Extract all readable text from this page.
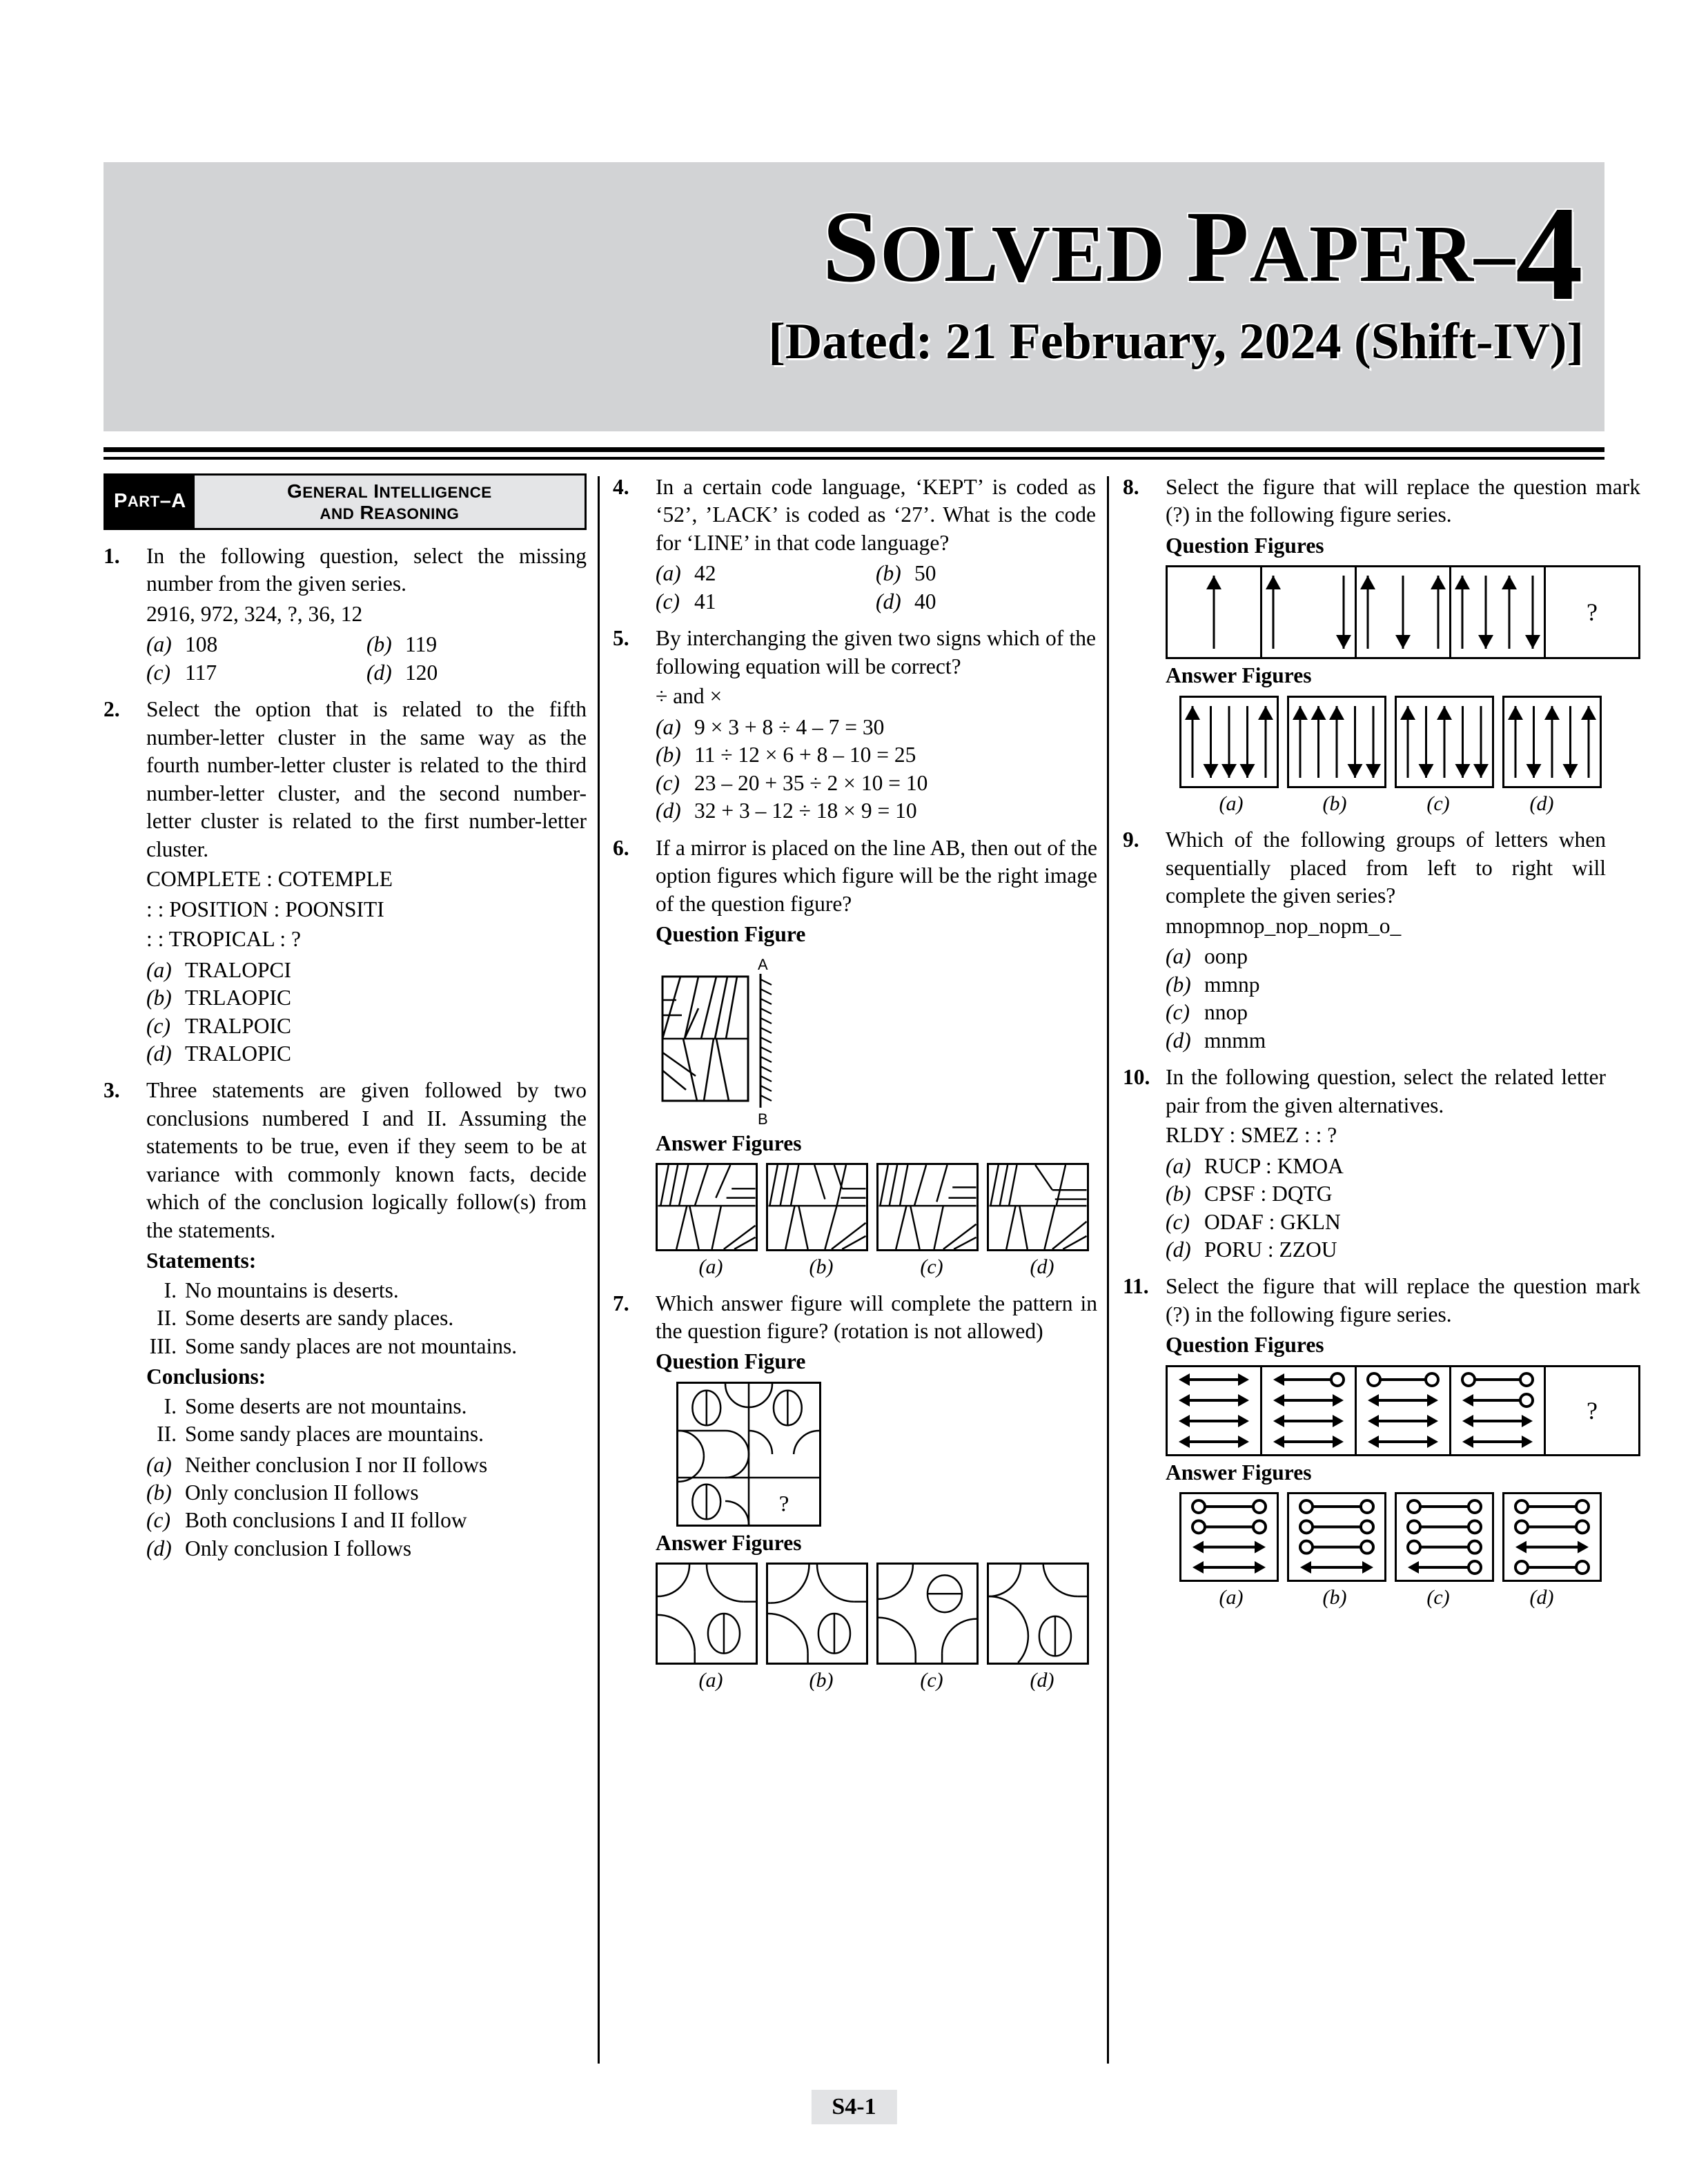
SOLVED PAPER–4
[Dated: 21 February, 2024 (Shift-IV)]
P ART –A	GENERAL INTELLIGENCE
AND REASONING
1.	In the following question, select the missing number from the given series.
2916, 972, 324, ?, 36, 12
(a) 108	(b) 119
(c) 117	(d) 120
2.	Select the option that is related to the fifth number-letter cluster in the same way as the fourth number-letter cluster is related to the third number-letter cluster, and the second number-letter cluster is related to the first number-letter cluster.
COMPLETE : COTEMPLE
: : POSITION : POONSITI
: : TROPICAL : ?
(a) TRALOPCI
(b) TRLAOPIC
(c) TRALPOIC
(d) TRALOPIC
3.	Three statements are given followed by two conclusions numbered I and II. Assuming the statements to be true, even if they seem to be at variance with commonly known facts, decide which of the conclusion logically follow(s) from the statements.
Statements:
I. No mountains is deserts.
II. Some deserts are sandy places.
III. Some sandy places are not mountains.
Conclusions:
I. Some deserts are not mountains.
II. Some sandy places are mountains.
(a) Neither conclusion I nor II follows
(b) Only conclusion II follows
(c) Both conclusions I and II follow
(d) Only conclusion I follows
4.	In a certain code language, ‘KEPT’ is coded as ‘52’, ’LACK’ is coded as ‘27’. What is the code for ‘LINE’ in that code language?
(a) 42	(b) 50
(c) 41	(d) 40
5.	By interchanging the given two signs which of the following equation will be correct?
÷ and ×
(a) 9 × 3 + 8 ÷ 4 – 7 = 30
(b) 11 ÷ 12 × 6 + 8 – 10 = 25
(c) 23 – 20 + 35 ÷ 2 × 10 = 10
(d) 32 + 3 – 12 ÷ 18 × 9 = 10
6.	If a mirror is placed on the line AB, then out of the option figures which figure will be the right image of the question figure?
Question Figure
A
B
Answer Figures
(a)	(b)	(c)	(d)
7.	Which answer figure will complete the pattern in the question figure? (rotation is not allowed)
Question Figure
?
Answer Figures
(a)	(b)	(c)	(d)
8.	Select the figure that will replace the question mark (?) in the following figure series.
Question Figures
?
Answer Figures
(a)	(b)	(c)	(d)
9.	Which of the following groups of letters when sequentially placed from left to right will complete the given series?
mnopmnop_nop_nopm_o_
(a) oonp
(b) mmnp
(c) nnop
(d) mnmm
10. In the following question, select the related letter pair from the given alternatives.
RLDY : SMEZ : : ?
(a) RUCP : KMOA
(b) CPSF : DQTG
(c) ODAF : GKLN
(d) PORU : ZZOU
11. Select the figure that will replace the question mark (?) in the following figure series.
Question Figures
?
Answer Figures
(a)	(b)	(c)	(d)
S4-1
